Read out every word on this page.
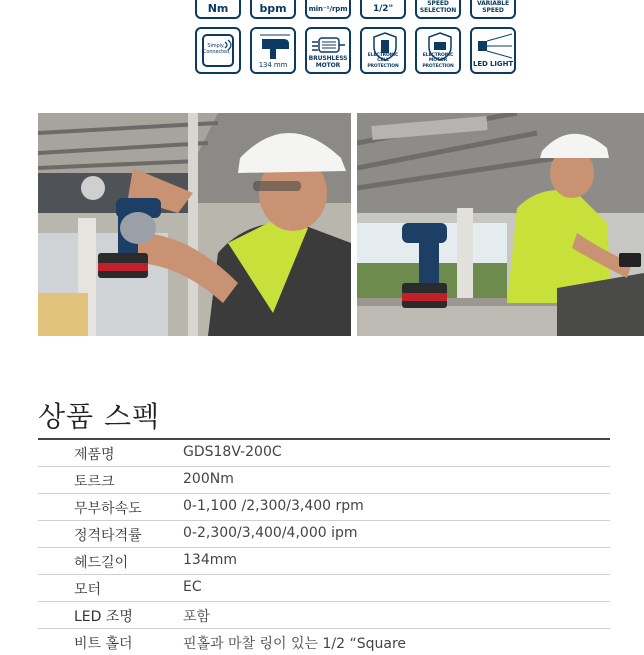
Nm	bpm	min⁻¹/rpm	1/2"
SPEED SELECTION
VARIABLE SPEED
Simply. Connected.
134 mm
BRUSHLESS MOTOR
ELECTRONIC CELL PROTECTION
ELECTRONIC MOTOR PROTECTION	LED LIGHT
상품 스펙
제품명	GDS18V-200C
토르크	200Nm
무부하속도	0-1,100 /2,300/3,400 rpm
정격타격률	0-2,300/3,400/4,000 ipm
헤드길이	134mm
모터	EC
LED 조명	포함
비트 홀더	핀홀과 마찰 링이 있는 1/2 “Square
